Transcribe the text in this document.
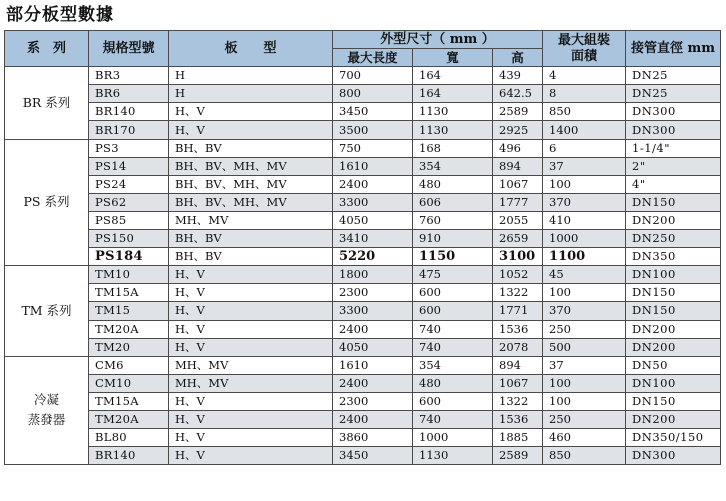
部分板型數據
系　列	規格型號	板　　型	外型尺寸（ mm ）			最大組裝
面積	接管直徑 mm
			最大長度	寬	高		

BR 系列	BR3	H	700	164	439	4	DN25
	BR6	H	800	164	642.5	8	DN25
	BR140	H、V	3450	1130	2589	850	DN300
	BR170	H、V	3500	1130	2925	1400	DN300

PS 系列	PS3	BH、BV	750	168	496	6	1-1/4"
	PS14	BH、BV、MH、MV	1610	354	894	37	2"
	PS24	BH、BV、MH、MV	2400	480	1067	100	4"
	PS62	BH、BV、MH、MV	3300	606	1777	370	DN150
	PS85	MH、MV	4050	760	2055	410	DN200
	PS150	BH、BV	3410	910	2659	1000	DN250
	PS184	BH、BV	5220	1150	3100	1100	DN350

TM 系列	TM10	H、V	1800	475	1052	45	DN100
	TM15A	H、V	2300	600	1322	100	DN150
	TM15	H、V	3300	600	1771	370	DN150
	TM20A	H、V	2400	740	1536	250	DN200
	TM20	H、V	4050	740	2078	500	DN200

冷凝
蒸發器	CM6	MH、MV	1610	354	894	37	DN50
	CM10	MH、MV	2400	480	1067	100	DN100
	TM15A	H、V	2300	600	1322	100	DN150
	TM20A	H、V	2400	740	1536	250	DN200
	BL80	H、V	3860	1000	1885	460	DN350/150
	BR140	H、V	3450	1130	2589	850	DN300
